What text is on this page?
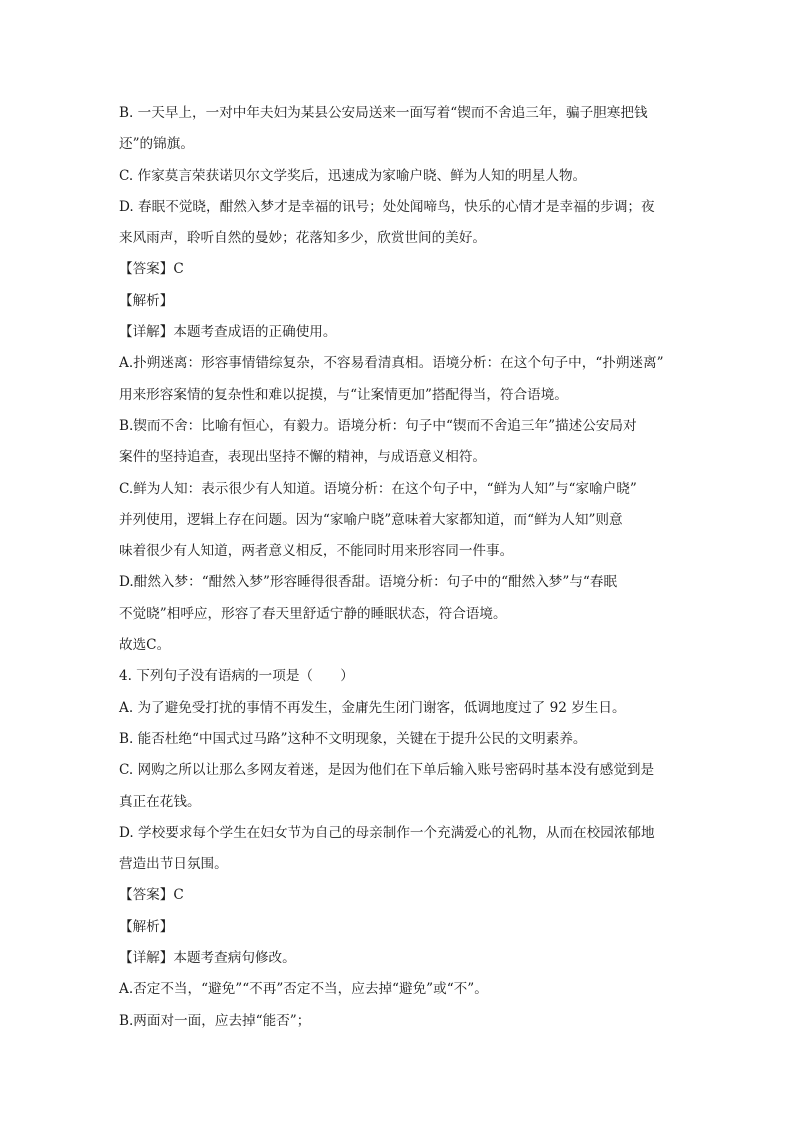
B. 一天早上，一对中年夫妇为某县公安局送来一面写着“锲而不舍追三年，骗子胆寒把钱
还”的锦旗。
C. 作家莫言荣获诺贝尔文学奖后，迅速成为家喻户晓、鲜为人知的明星人物。
D. 春眠不觉晓，酣然入梦才是幸福的讯号；处处闻啼鸟，快乐的心情才是幸福的步调；夜
来风雨声，聆听自然的曼妙；花落知多少，欣赏世间的美好。
【答案】C
【解析】
【详解】本题考查成语的正确使用。
A.扑朔迷离：形容事情错综复杂，不容易看清真相。语境分析：在这个句子中，“扑朔迷离”
用来形容案情的复杂性和难以捉摸，与“让案情更加”搭配得当，符合语境。
B.锲而不舍：比喻有恒心，有毅力。语境分析：句子中“锲而不舍追三年”描述公安局对
案件的坚持追查，表现出坚持不懈的精神，与成语意义相符。
C.鲜为人知：表示很少有人知道。语境分析：在这个句子中，“鲜为人知”与“家喻户晓”
并列使用，逻辑上存在问题。因为“家喻户晓”意味着大家都知道，而“鲜为人知”则意
味着很少有人知道，两者意义相反，不能同时用来形容同一件事。
D.酣然入梦：“酣然入梦”形容睡得很香甜。语境分析：句子中的“酣然入梦”与“春眠
不觉晓”相呼应，形容了春天里舒适宁静的睡眠状态，符合语境。
故选C。
4. 下列句子没有语病的一项是（　　）
A. 为了避免受打扰的事情不再发生，金庸先生闭门谢客，低调地度过了 92 岁生日。
B. 能否杜绝“中国式过马路”这种不文明现象，关键在于提升公民的文明素养。
C. 网购之所以让那么多网友着迷，是因为他们在下单后输入账号密码时基本没有感觉到是
真正在花钱。
D. 学校要求每个学生在妇女节为自己的母亲制作一个充满爱心的礼物，从而在校园浓郁地
营造出节日氛围。
【答案】C
【解析】
【详解】本题考查病句修改。
A.否定不当，“避免”“不再”否定不当，应去掉“避免”或“不”。
B.两面对一面，应去掉“能否”；
